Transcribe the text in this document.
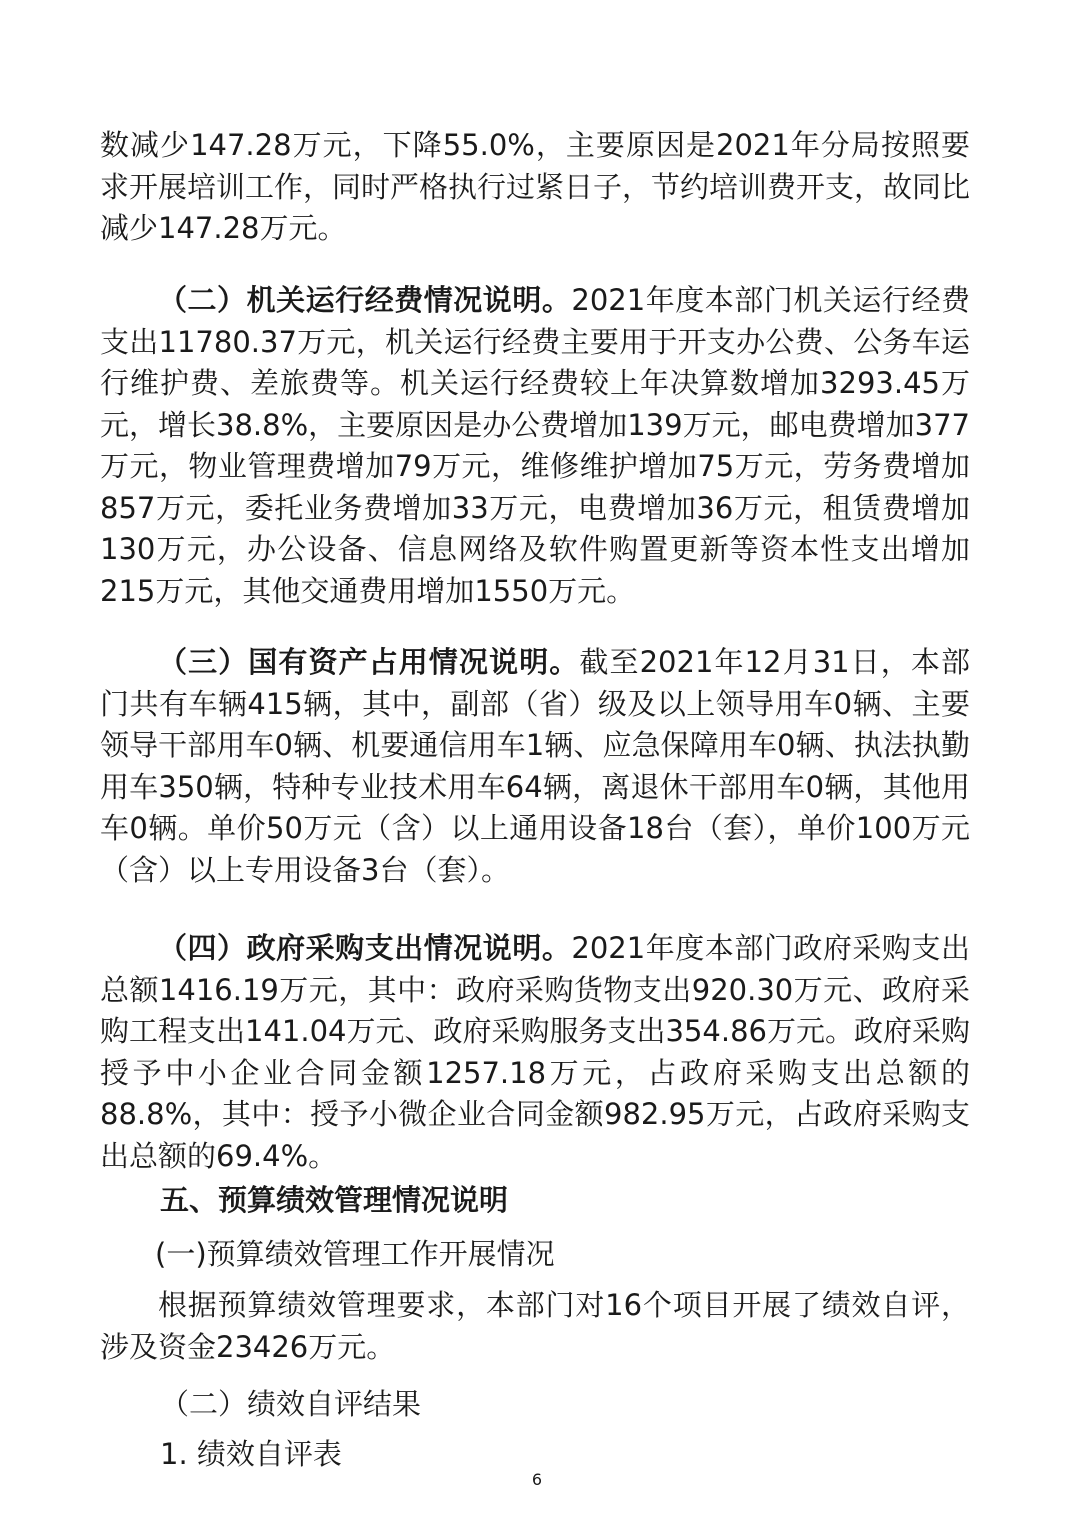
数减少147.28万元，下降55.0%，主要原因是2021年分局按照要求开展培训工作，同时严格执行过紧日子，节约培训费开支，故同比减少147.28万元。

（二）机关运行经费情况说明。2021年度本部门机关运行经费支出11780.37万元，机关运行经费主要用于开支办公费、公务车运行维护费、差旅费等。机关运行经费较上年决算数增加3293.45万元，增长38.8%，主要原因是办公费增加139万元，邮电费增加377万元，物业管理费增加79万元，维修维护增加75万元，劳务费增加857万元，委托业务费增加33万元，电费增加36万元，租赁费增加130万元，办公设备、信息网络及软件购置更新等资本性支出增加215万元，其他交通费用增加1550万元。

（三）国有资产占用情况说明。截至2021年12月31日，本部门共有车辆415辆，其中，副部（省）级及以上领导用车0辆、主要领导干部用车0辆、机要通信用车1辆、应急保障用车0辆、执法执勤用车350辆，特种专业技术用车64辆，离退休干部用车0辆，其他用车0辆。单价50万元（含）以上通用设备18台（套），单价100万元（含）以上专用设备3台（套）。

（四）政府采购支出情况说明。2021年度本部门政府采购支出总额1416.19万元，其中：政府采购货物支出920.30万元、政府采购工程支出141.04万元、政府采购服务支出354.86万元。政府采购授予中小企业合同金额1257.18万元，占政府采购支出总额的88.8%，其中：授予小微企业合同金额982.95万元，占政府采购支出总额的69.4%。

五、预算绩效管理情况说明
(一)预算绩效管理工作开展情况

根据预算绩效管理要求，本部门对16个项目开展了绩效自评，涉及资金23426万元。

（二）绩效自评结果
1. 绩效自评表
6
